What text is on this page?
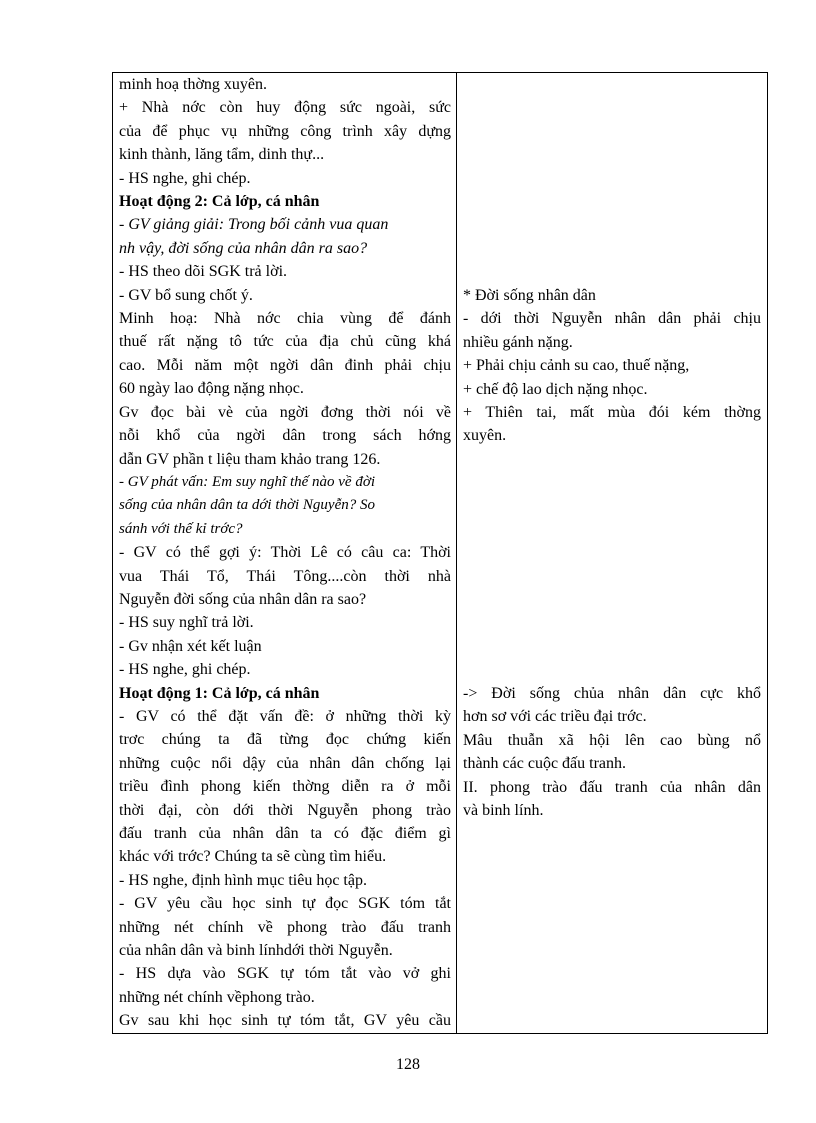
minh hoạ thờng xuyên.
+ Nhà nớc còn huy động sức ngoài, sức
của để phục vụ những công trình xây dựng
kinh thành, lăng tẩm, dinh thự...
- HS nghe, ghi chép.
Hoạt động 2: Cả lớp, cá nhân
- GV giảng giải: Trong bối cảnh vua quan
nh vậy, đời sống của nhân dân ra sao?
- HS theo dõi SGK trả lời.
- GV bổ sung chốt ý.
Minh hoạ: Nhà nớc chia vùng để đánh
thuế rất nặng tô tức của địa chủ cũng khá
cao. Mỗi năm một ngời dân đinh phải chịu
60 ngày lao động nặng nhọc.
Gv đọc bài vè của ngời đơng thời nói về
nỗi khổ của ngời dân trong sách hớng
dẫn GV phần t liệu tham khảo trang 126.
- GV phát vấn: Em suy nghĩ thế nào về đời
sống của nhân dân ta dới thời Nguyễn? So
sánh với thế kỉ trớc?
- GV có thể gợi ý: Thời Lê có câu ca: Thời
vua Thái Tổ, Thái Tông....còn thời nhà
Nguyễn đời sống của nhân dân ra sao?
- HS suy nghĩ trả lời.
- Gv nhận xét kết luận
- HS nghe, ghi chép.
Hoạt động 1: Cả lớp, cá nhân
- GV có thể đặt vấn đề: ở những thời kỳ
trơc chúng ta đã từng đọc chứng kiến
những cuộc nổi dậy của nhân dân chống lại
triều đình phong kiến thờng diễn ra ở mỗi
thời đại, còn dới thời Nguyễn phong trào
đấu tranh của nhân dân ta có đặc điểm gì
khác với trớc? Chúng ta sẽ cùng tìm hiểu.
- HS nghe, định hình mục tiêu học tập.
- GV yêu cầu học sinh tự đọc SGK tóm tắt
những nét chính về phong trào đấu tranh
của nhân dân và binh línhdới thời Nguyễn.
- HS dựa vào SGK tự tóm tắt vào vở ghi
những nét chính vềphong trào.
Gv sau khi học sinh tự tóm tắt, GV yêu cầu
* Đời sống nhân dân
- dới thời Nguyễn nhân dân phải chịu
nhiều gánh nặng.
+ Phải chịu cảnh su cao, thuế nặng,
+ chế độ lao dịch nặng nhọc.
+ Thiên tai, mất mùa đói kém thờng
xuyên.
-> Đời sống chủa nhân dân cực khổ
hơn sơ với các triều đại trớc.
Mâu thuẫn xã hội lên cao bùng nổ
thành các cuộc đấu tranh.
II. phong trào đấu tranh của nhân dân
và binh lính.
128
